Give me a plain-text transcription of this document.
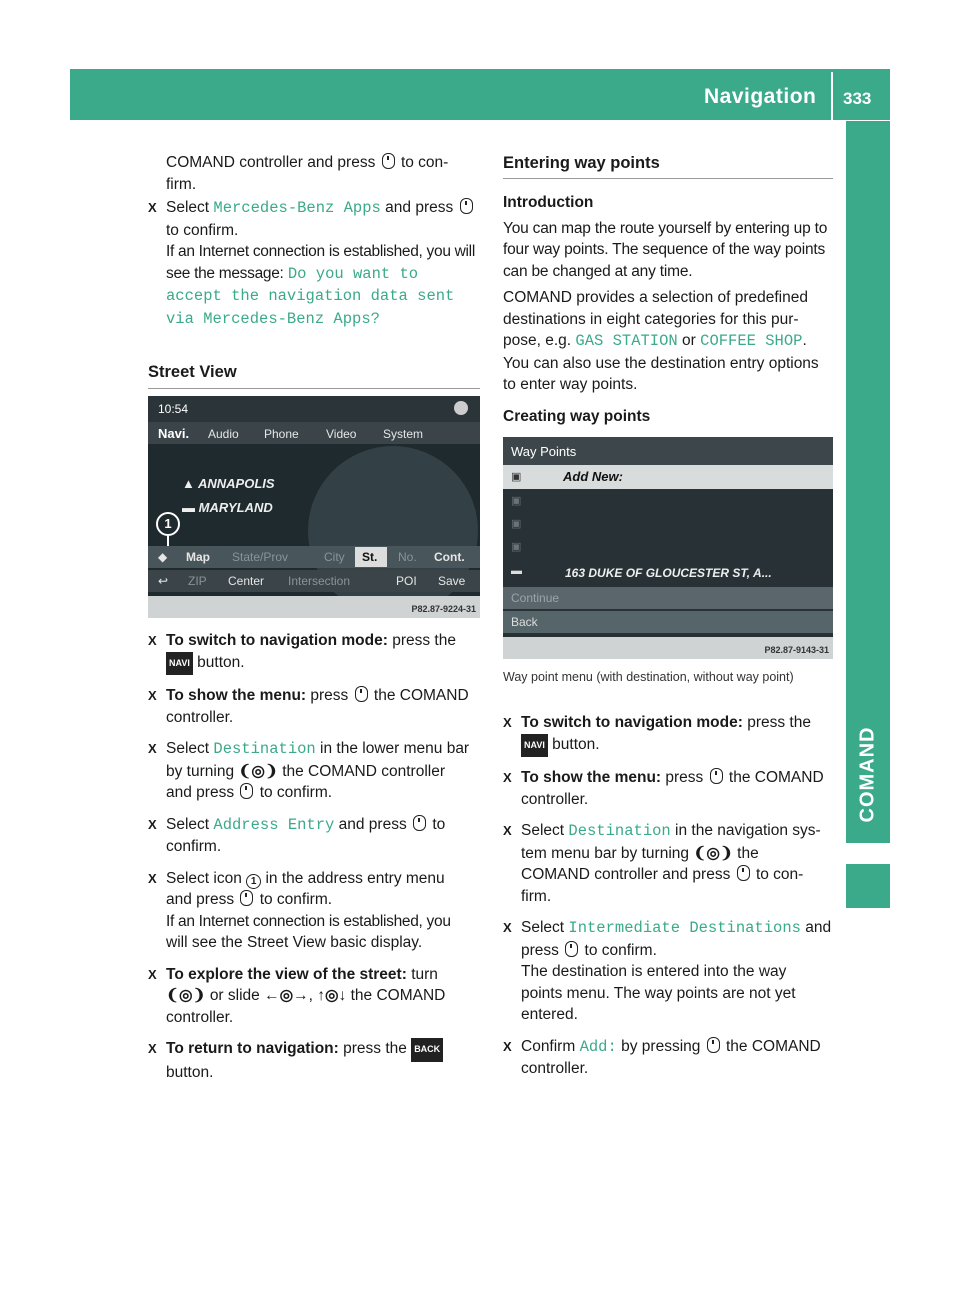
Navigation 333
COMAND

COMAND controller and press to con-
firm.

X Select Mercedes-Benz Apps and press
to confirm.
If an Internet connection is established, you will see the message: Do you want to
accept the navigation data sent
via Mercedes-Benz Apps?

Street View
10:54
Navi. Audio Phone Video System
▲ ANNAPOLIS
▬ MARYLAND
1
◆ Map State/Prov	City St. No. Cont.
↩ ZIP Center Intersection	POI Save
P82.87-9224-31

X To switch to navigation mode: press the
NAVI button.

X To show the menu: press the COMAND
controller.

X Select Destination in the lower menu bar
by turning ❨◎❩ the COMAND controller
and press to confirm.

X Select Address Entry and press to
confirm.

X Select icon 1 in the address entry menu
and press to confirm.
If an Internet connection is established, you
will see the Street View basic display.

X To explore the view of the street: turn
❨◎❩ or slide ←◎→, ↑◎↓ the COMAND
controller.

X To return to navigation: press the BACK
button.

Entering way points

Introduction

You can map the route yourself by entering up to four way points. The sequence of the way points can be changed at any time.

COMAND provides a selection of predefined destinations in eight categories for this pur- pose, e.g. GAS STATION or COFFEE SHOP. You can also use the destination entry options to enter way points.

Creating way points
Way Points
▣	Add New:
▣
▣
▣
▬	163 DUKE OF GLOUCESTER ST, A...
Continue
Back
P82.87-9143-31
Way point menu (with destination, without way point)

X To switch to navigation mode: press the
NAVI button.

X To show the menu: press the COMAND
controller.

X Select Destination in the navigation sys-
tem menu bar by turning ❨◎❩ the
COMAND controller and press to con-
firm.

X Select Intermediate Destinations and
press to confirm.
The destination is entered into the way
points menu. The way points are not yet
entered.

X Confirm Add: by pressing the COMAND
controller.
